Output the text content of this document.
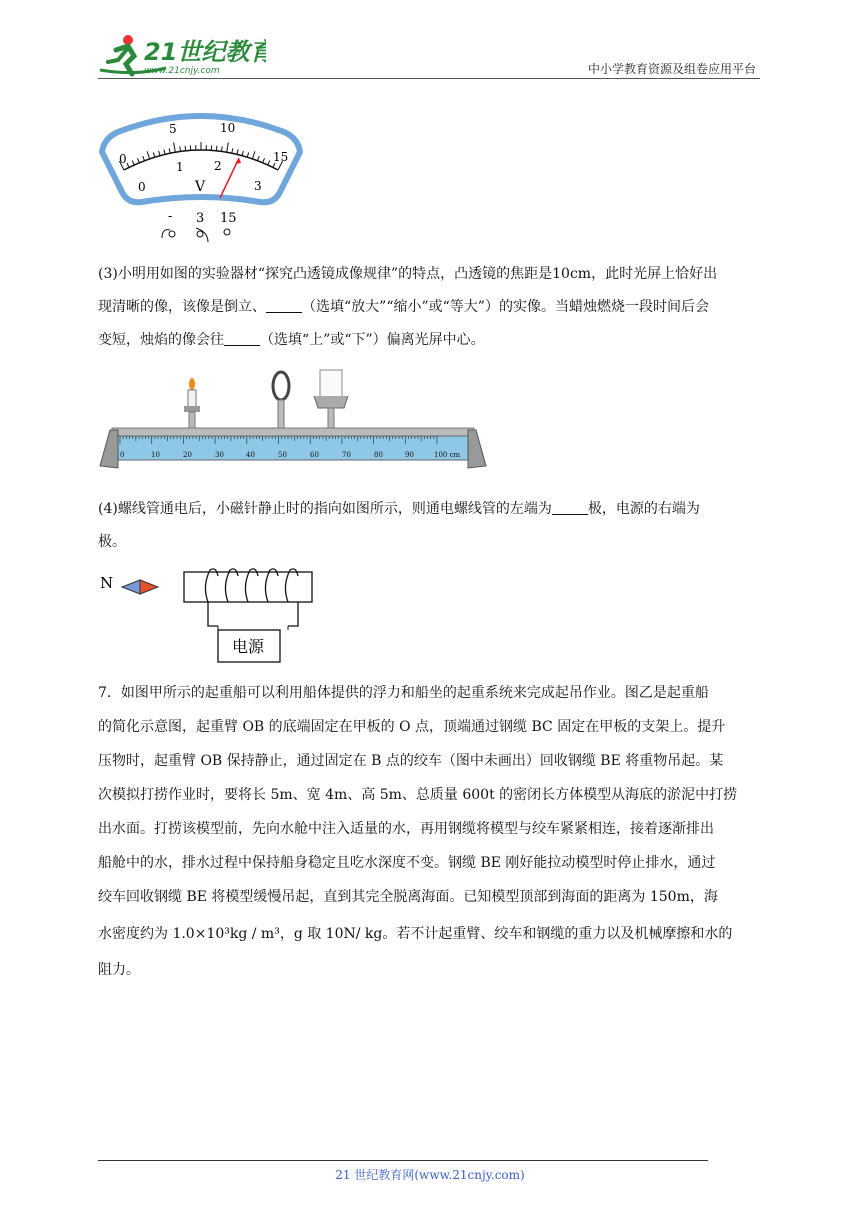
21世纪教育
www.21cnjy.com	中小学教育资源及组卷应用平台
0
5	10
15
0
1	2
3
V
- 3 15
(3)小明用如图的实验器材“探究凸透镜成像规律”的特点，凸透镜的焦距是10cm，此时光屏上恰好出
现清晰的像，该像是倒立、	（选填“放大”“缩小”或“等大”）的实像。当蜡烛燃烧一段时间后会
变短，烛焰的像会往	（选填“上”或“下”）偏离光屏中心。
0	10	20	30	40	50	60	70	80	90	100 cm
(4)螺线管通电后，小磁针静止时的指向如图所示，则通电螺线管的左端为	极，电源的右端为
极。
N
电源
7．如图甲所示的起重船可以利用船体提供的浮力和船坐的起重系统来完成起吊作业。图乙是起重船
的简化示意图，起重臂 OB 的底端固定在甲板的 O 点，顶端通过钢缆 BC 固定在甲板的支架上。提升
压物时，起重臂 OB 保持静止，通过固定在 B 点的绞车（图中未画出）回收钢缆 BE 将重物吊起。某
次模拟打捞作业时，要将长 5m、宽 4m、高 5m、总质量 600t 的密闭长方体模型从海底的淤泥中打捞
出水面。打捞该模型前，先向水舱中注入适量的水，再用钢缆将模型与绞车紧紧相连，接着逐渐排出
船舱中的水，排水过程中保持船身稳定且吃水深度不变。钢缆 BE 刚好能拉动模型时停止排水，通过
绞车回收钢缆 BE 将模型缓慢吊起，直到其完全脱离海面。已知模型顶部到海面的距离为 150m，海
水密度约为 1.0×10³kg / m³，g 取 10N/ kg。若不计起重臂、绞车和钢缆的重力以及机械摩擦和水的
阻力。
21 世纪教育网(www.21cnjy.com)
